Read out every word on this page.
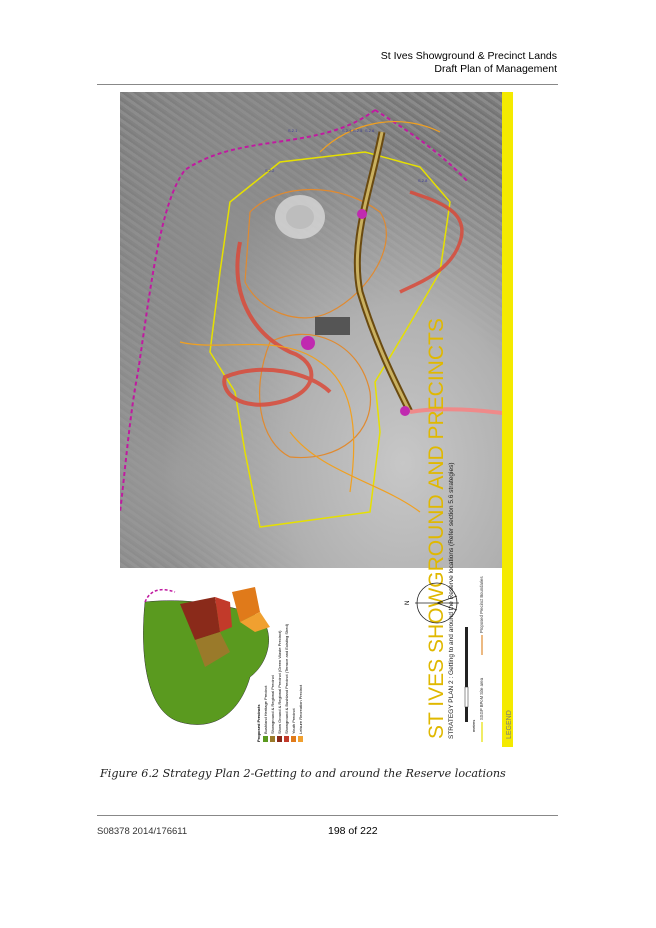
St Ives Showground & Precinct Lands
Draft Plan of Management
S.2.1	S.2.4 S.2.5 S.2.6
S.2.2
S.2.8
ST IVES SHOWGROUND AND PRECINCTS STRATEGY PLAN 2 : Getting to and around the Reserve locations (Refer section 5.6 strategies)	LEGEND
SSGP BPoM Site area
Proposed Precinct Boundaries
Proposed Precincts Bushland Heritage Precinct Showground & Regional Precinct Show Ground & Regional Precinct (Green Waste Precinct) Showground & Bushland Precinct (Terrace and Existing Shed) Youth Precinct Leisure Recreation Precinct
N
metres
Figure 6.2 Strategy Plan 2-Getting to and around the Reserve locations
S08378 2014/176611	198 of 222
